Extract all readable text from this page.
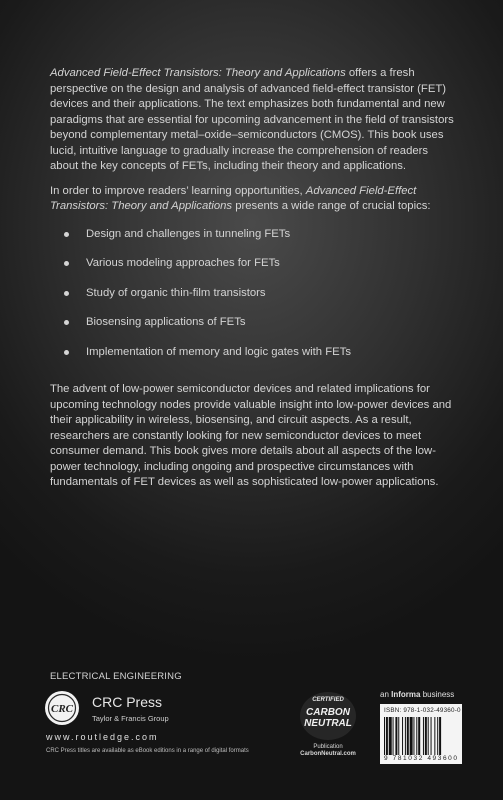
Advanced Field-Effect Transistors: Theory and Applications offers a fresh perspective on the design and analysis of advanced field-effect transistor (FET) devices and their applications. The text emphasizes both fundamental and new paradigms that are essential for upcoming advancement in the field of transistors beyond complementary metal–oxide–semiconductors (CMOS). This book uses lucid, intuitive language to gradually increase the comprehension of readers about the key concepts of FETs, including their theory and applications.

In order to improve readers’ learning opportunities, Advanced Field-Effect Transistors: Theory and Applications presents a wide range of crucial topics:

Design and challenges in tunneling FETs
Various modeling approaches for FETs
Study of organic thin-film transistors
Biosensing applications of FETs
Implementation of memory and logic gates with FETs

The advent of low-power semiconductor devices and related implications for upcoming technology nodes provide valuable insight into low-power devices and their applicability in wireless, biosensing, and circuit aspects. As a result, researchers are constantly looking for new semiconductor devices to meet consumer demand. This book gives more details about all aspects of the low-power technology, including ongoing and prospective circumstances with fundamentals of FET devices as well as sophisticated low-power applications.

ELECTRICAL ENGINEERING
CRC CRC Press
Taylor & Francis Group
www.routledge.com
CRC Press titles are available as eBook editions in a range of digital formats
CERTIFIED
CARBON
NEUTRAL
Publication
CarbonNeutral.com
an Informa business
ISBN: 978-1-032-49360-0
9 781032 493600
